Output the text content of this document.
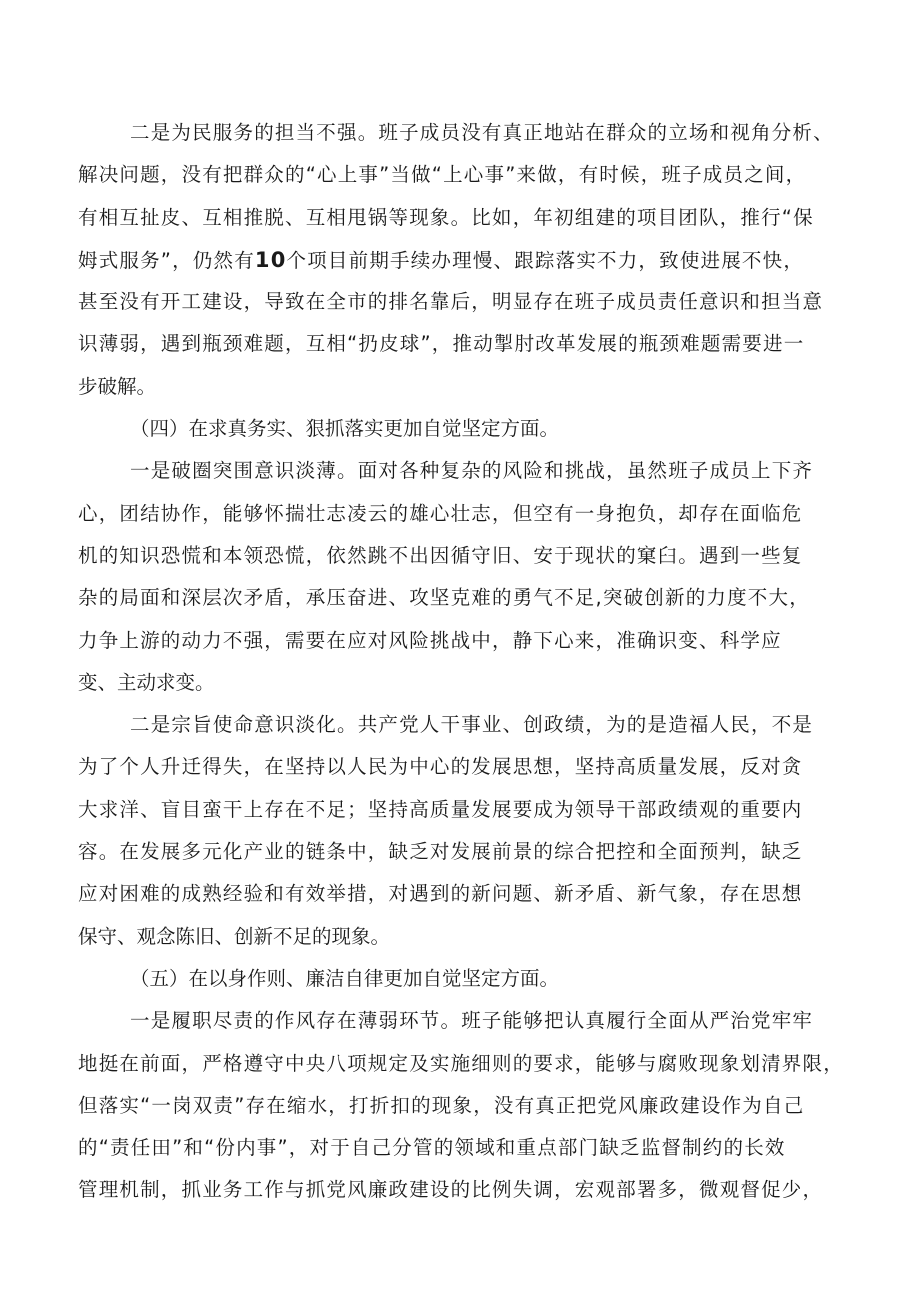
二是为民服务的担当不强。班子成员没有真正地站在群众的立场和视角分析、
解决问题，没有把群众的“心上事”当做“上心事”来做，有时候，班子成员之间，
有相互扯皮、互相推脱、互相甩锅等现象。比如，年初组建的项目团队，推行“保
姆式服务”，仍然有10个项目前期手续办理慢、跟踪落实不力，致使进展不快，
甚至没有开工建设，导致在全市的排名靠后，明显存在班子成员责任意识和担当意
识薄弱，遇到瓶颈难题，互相“扔皮球”，推动掣肘改革发展的瓶颈难题需要进一
步破解。
（四）在求真务实、狠抓落实更加自觉坚定方面。
一是破圈突围意识淡薄。面对各种复杂的风险和挑战，虽然班子成员上下齐
心，团结协作，能够怀揣壮志凌云的雄心壮志，但空有一身抱负，却存在面临危
机的知识恐慌和本领恐慌，依然跳不出因循守旧、安于现状的窠臼。遇到一些复
杂的局面和深层次矛盾，承压奋进、攻坚克难的勇气不足,突破创新的力度不大，
力争上游的动力不强，需要在应对风险挑战中，静下心来，准确识变、科学应
变、主动求变。
二是宗旨使命意识淡化。共产党人干事业、创政绩，为的是造福人民，不是
为了个人升迁得失，在坚持以人民为中心的发展思想，坚持高质量发展，反对贪
大求洋、盲目蛮干上存在不足；坚持高质量发展要成为领导干部政绩观的重要内
容。在发展多元化产业的链条中，缺乏对发展前景的综合把控和全面预判，缺乏
应对困难的成熟经验和有效举措，对遇到的新问题、新矛盾、新气象，存在思想
保守、观念陈旧、创新不足的现象。
（五）在以身作则、廉洁自律更加自觉坚定方面。
一是履职尽责的作风存在薄弱环节。班子能够把认真履行全面从严治党牢牢
地挺在前面，严格遵守中央八项规定及实施细则的要求，能够与腐败现象划清界限，
但落实“一岗双责”存在缩水，打折扣的现象，没有真正把党风廉政建设作为自己
的“责任田”和“份内事”，对于自己分管的领域和重点部门缺乏监督制约的长效
管理机制，抓业务工作与抓党风廉政建设的比例失调，宏观部署多，微观督促少，
